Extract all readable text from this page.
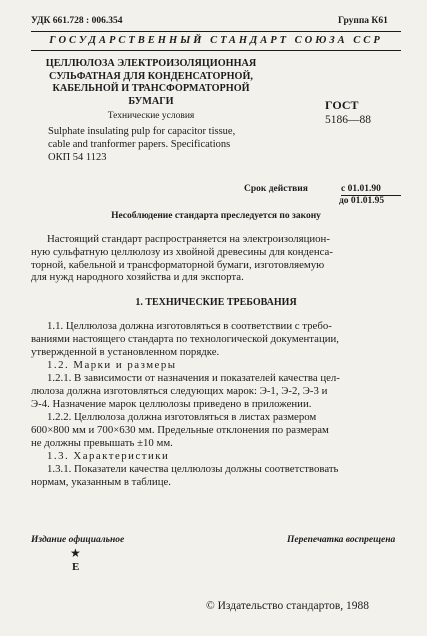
УДК 661.728 : 006.354	Группа К61
ГОСУДАРСТВЕННЫЙ СТАНДАРТ СОЮЗА ССР
ЦЕЛЛЮЛОЗА ЭЛЕКТРОИЗОЛЯЦИОННАЯ
СУЛЬФАТНАЯ ДЛЯ КОНДЕНСАТОРНОЙ,
КАБЕЛЬНОЙ И ТРАНСФОРМАТОРНОЙ
БУМАГИ
Технические условия
Sulphate insulating pulp for capacitor tissue,
cable and tranformer papers. Specifications
ОКП 54 1123
ГОСТ
5186—88
Срок действия	с 01.01.90
до 01.01.95
Несоблюдение стандарта преследуется по закону
Настоящий стандарт распространяется на электроизоляцион-
ную сульфатную целлюлозу из хвойной древесины для конденса-
торной, кабельной и трансформаторной бумаги, изготовляемую
для нужд народного хозяйства и для экспорта.
1. ТЕХНИЧЕСКИЕ ТРЕБОВАНИЯ
1.1. Целлюлоза должна изготовляться в соответствии с требо-
ваниями настоящего стандарта по технологической документации,
утвержденной в установленном порядке.
1.2. Марки и размеры
1.2.1. В зависимости от назначения и показателей качества цел-
люлоза должна изготовляться следующих марок: Э-1, Э-2, Э-3 и
Э-4. Назначение марок целлюлозы приведено в приложении.
1.2.2. Целлюлоза должна изготовляться в листах размером
600×800 мм и 700×630 мм. Предельные отклонения по размерам
не должны превышать ±10 мм.
1.3. Характеристики
1.3.1. Показатели качества целлюлозы должны соответствовать
нормам, указанным в таблице.
Издание официальное	Перепечатка воспрещена
★
Е
© Издательство стандартов, 1988
